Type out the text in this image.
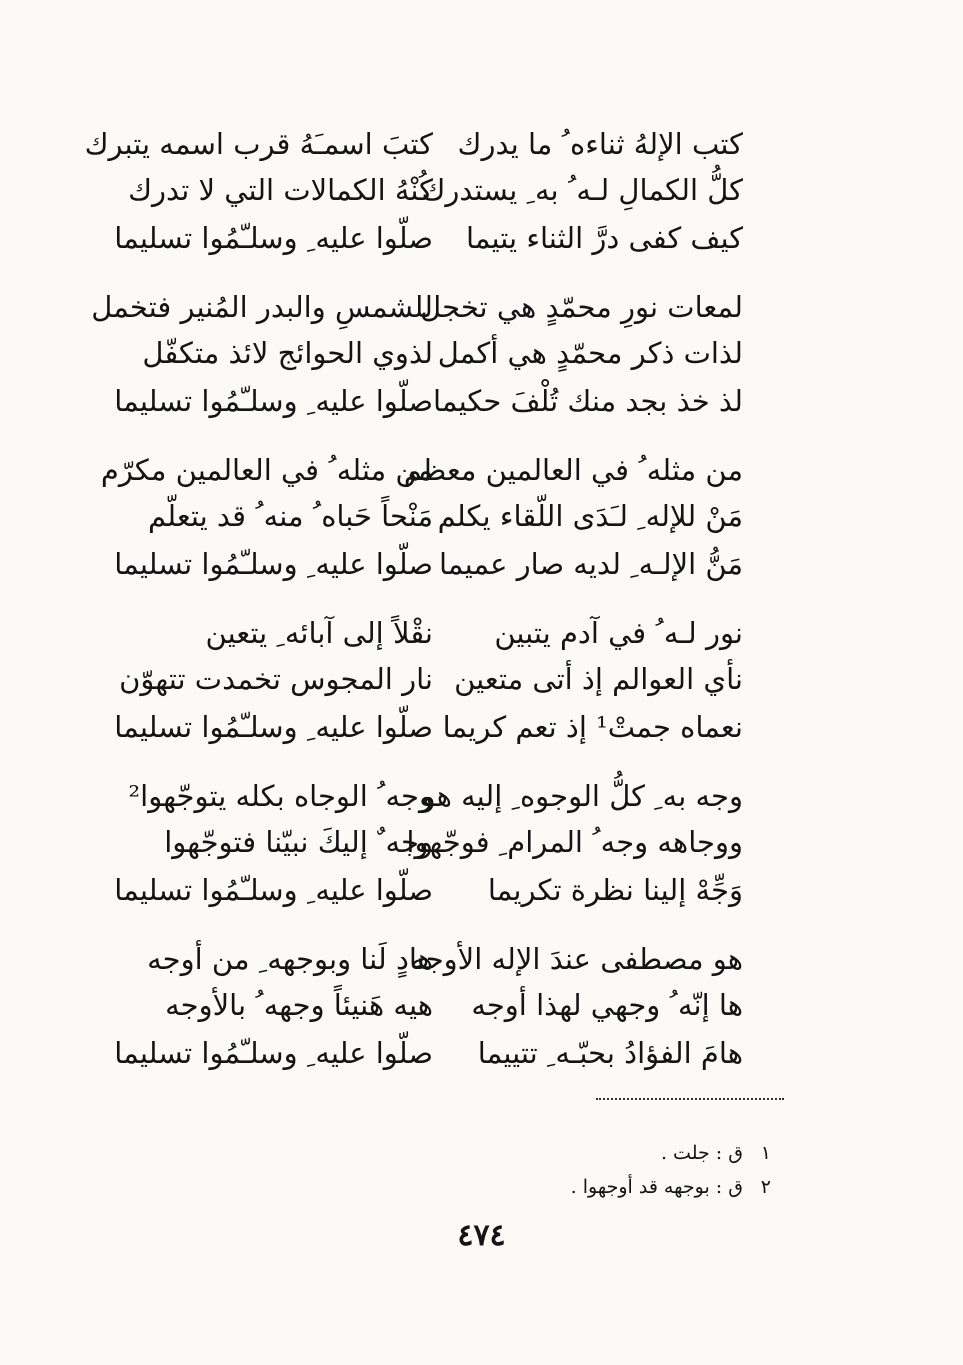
كتب الإلهُ ثناءه ُ ما يدرك
كتبَ اسمـَهُ قرب اسمه يتبرك
كلُّ الكمالِ لـه ُ به ِ يستدرك
كُنْهُ الكمالات التي لا تدرك
كيف كفى درَّ الثناء يتيما
صلّوا عليه ِ وسلـّمُوا تسليما
لمعات نورِ محمّدٍ هي تخجل
للشمسِ والبدر المُنير فتخمل
لذات ذكر محمّدٍ هي أكمل
لذوي الحوائج لائذ متكفّل
لذ خذ بجد منك تُلْفَ حكيما
صلّوا عليه ِ وسلـّمُوا تسليما
من مثله ُ في العالمين معظم
من مثله ُ في العالمين مكرّم
مَنْ للإله ِ لـَدَى اللّقاء يكلم
مَنْحاً حَباه ُ منه ُ قد يتعلّم
مَنُّ الإلـه ِ لديه صار عميما
صلّوا عليه ِ وسلـّمُوا تسليما
نور لـه ُ في آدم يتبين
نقْلاً إلى آبائه ِ يتعين
نأي العوالم إذ أتى متعين
نار المجوس تخمدت تتهوّن
نعماه جمتْ¹ إذ تعم كريما
صلّوا عليه ِ وسلـّمُوا تسليما
وجه به ِ كلُّ الوجوه ِ إليه هو
وجه ُ الوجاه بكله يتوجّهوا²
ووجاهه وجه ُ المرام ِ فوجّهوا
وجه ٌ إليكَ نبيّنا فتوجّهوا
وَجِّهْ إلينا نظرة تكريما
صلّوا عليه ِ وسلـّمُوا تسليما
هو مصطفى عندَ الإله الأوجه
هادٍ لَنا وبوجهه ِ من أوجه
ها إنّه ُ وجهي لهذا أوجه
هيه هَنيئاً وجهه ُ بالأوجه
هامَ الفؤادُ بحبّـه ِ تتييما
صلّوا عليه ِ وسلـّمُوا تسليما
١ ق : جلت .
٢ ق : بوجهه قد أوجهوا .
٤٧٤
